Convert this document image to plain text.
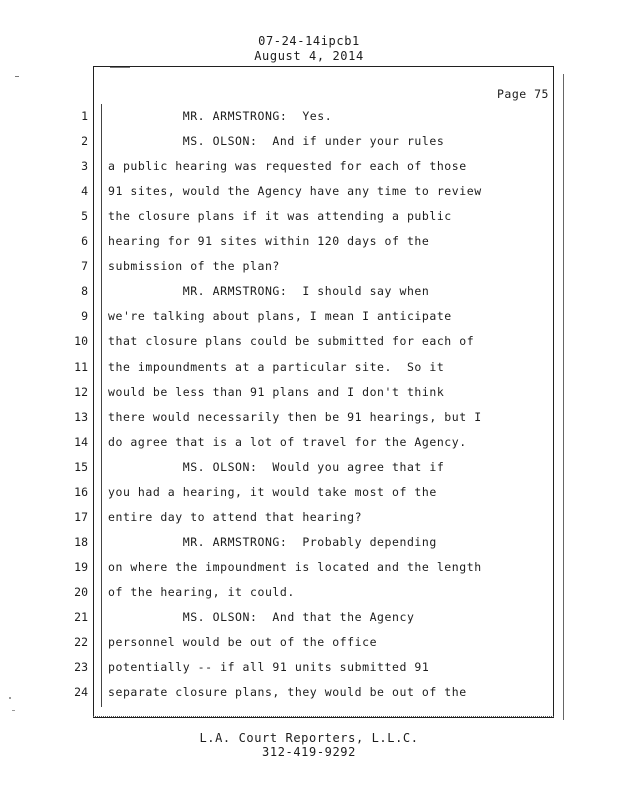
07-24-14ipcb1
August 4, 2014
Page 75
1 MR. ARMSTRONG:  Yes.
2 MS. OLSON:  And if under your rules
3 a public hearing was requested for each of those
4 91 sites, would the Agency have any time to review
5 the closure plans if it was attending a public
6 hearing for 91 sites within 120 days of the
7 submission of the plan?
8 MR. ARMSTRONG:  I should say when
9 we're talking about plans, I mean I anticipate
10 that closure plans could be submitted for each of
11 the impoundments at a particular site.  So it
12 would be less than 91 plans and I don't think
13 there would necessarily then be 91 hearings, but I
14 do agree that is a lot of travel for the Agency.
15 MS. OLSON:  Would you agree that if
16 you had a hearing, it would take most of the
17 entire day to attend that hearing?
18 MR. ARMSTRONG:  Probably depending
19 on where the impoundment is located and the length
20 of the hearing, it could.
21 MS. OLSON:  And that the Agency
22 personnel would be out of the office
23 potentially -- if all 91 units submitted 91
24 separate closure plans, they would be out of the
L.A. Court Reporters, L.L.C.
312-419-9292
